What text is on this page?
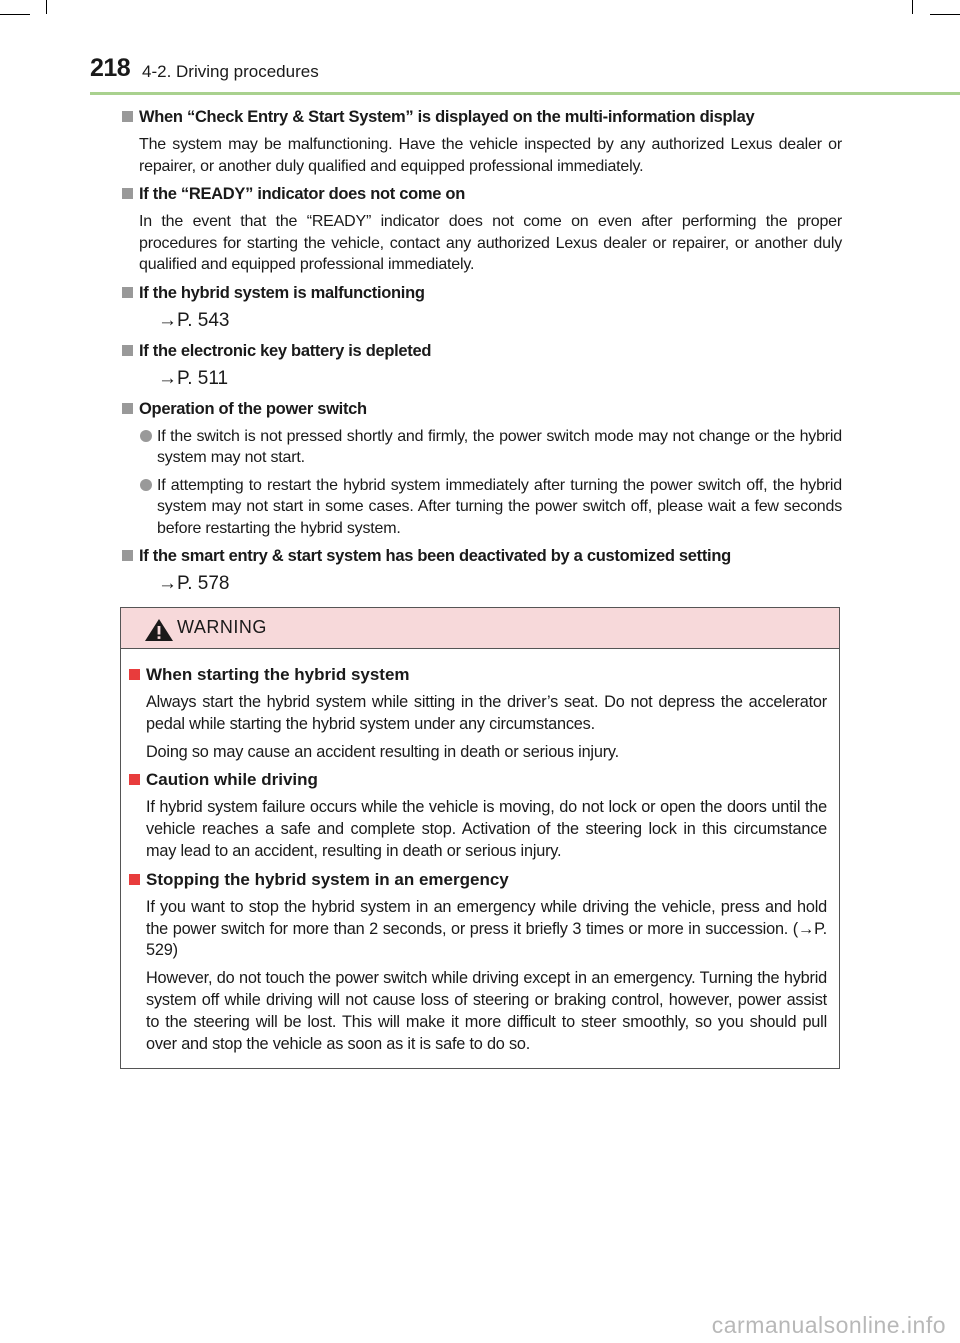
218 4-2. Driving procedures
When “Check Entry & Start System” is displayed on the multi-information display
The system may be malfunctioning. Have the vehicle inspected by any authorized Lexus dealer or repairer, or another duly qualified and equipped professional immediately.
If the “READY” indicator does not come on
In the event that the “READY” indicator does not come on even after performing the proper procedures for starting the vehicle, contact any authorized Lexus dealer or repairer, or another duly qualified and equipped professional immediately.
If the hybrid system is malfunctioning
→P. 543
If the electronic key battery is depleted
→P. 511
Operation of the power switch
If the switch is not pressed shortly and firmly, the power switch mode may not change or the hybrid system may not start.
If attempting to restart the hybrid system immediately after turning the power switch off, the hybrid system may not start in some cases. After turning the power switch off, please wait a few seconds before restarting the hybrid system.
If the smart entry & start system has been deactivated by a customized setting
→P. 578
WARNING
When starting the hybrid system
Always start the hybrid system while sitting in the driver’s seat. Do not depress the accelerator pedal while starting the hybrid system under any circumstances.
Doing so may cause an accident resulting in death or serious injury.
Caution while driving
If hybrid system failure occurs while the vehicle is moving, do not lock or open the doors until the vehicle reaches a safe and complete stop. Activation of the steering lock in this circumstance may lead to an accident, resulting in death or serious injury.
Stopping the hybrid system in an emergency
If you want to stop the hybrid system in an emergency while driving the vehicle, press and hold the power switch for more than 2 seconds, or press it briefly 3 times or more in succession. (→P. 529)
However, do not touch the power switch while driving except in an emergency. Turning the hybrid system off while driving will not cause loss of steering or braking control, however, power assist to the steering will be lost. This will make it more difficult to steer smoothly, so you should pull over and stop the vehicle as soon as it is safe to do so.
carmanualsonline.info
